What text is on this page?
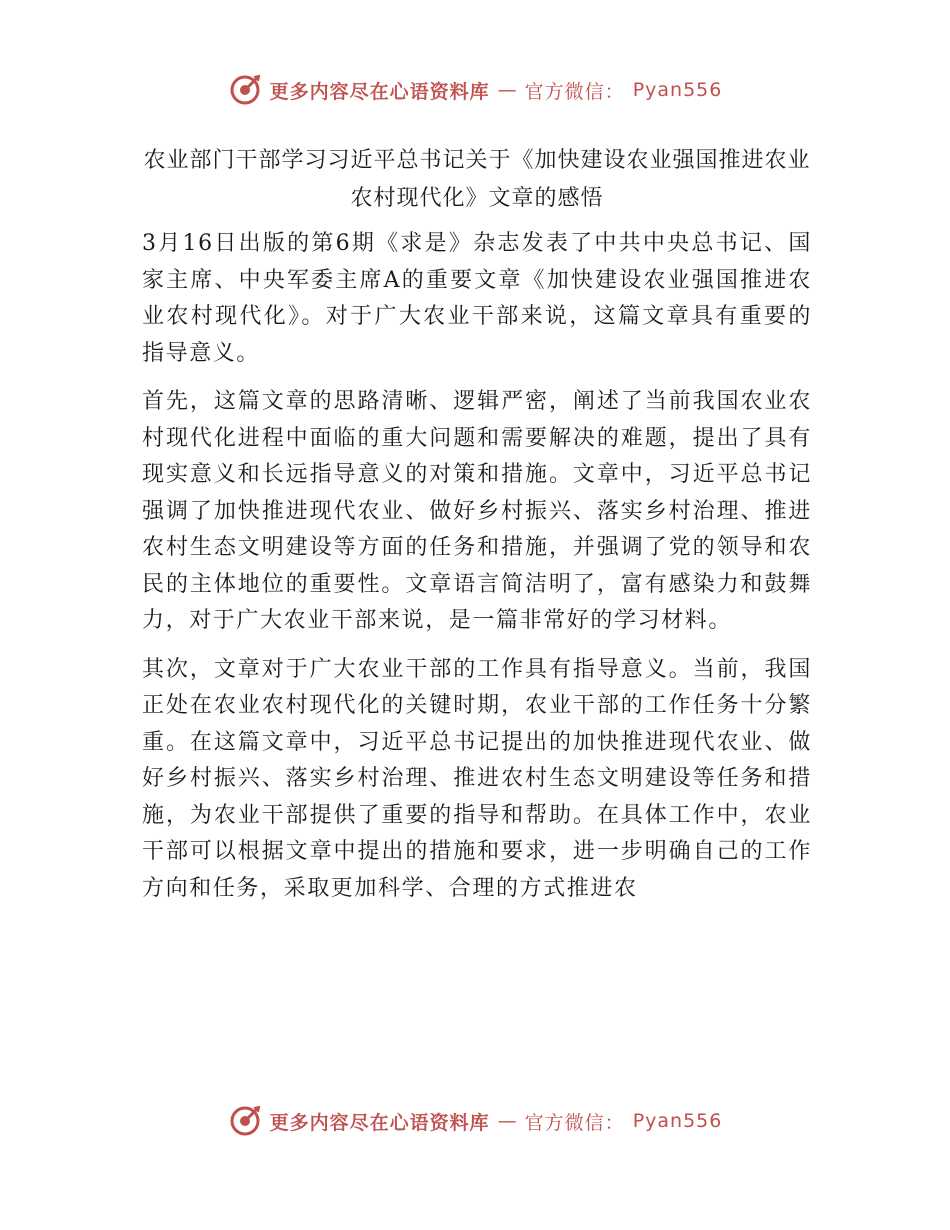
更多内容尽在心语资料库 — 官方微信： Pyan556
农业部门干部学习习近平总书记关于《加快建设农业强国推进农业农村现代化》文章的感悟

3月16日出版的第6期《求是》杂志发表了中共中央总书记、国家主席、中央军委主席A的重要文章《加快建设农业强国推进农业农村现代化》。对于广大农业干部来说，这篇文章具有重要的指导意义。

首先，这篇文章的思路清晰、逻辑严密，阐述了当前我国农业农村现代化进程中面临的重大问题和需要解决的难题，提出了具有现实意义和长远指导意义的对策和措施。文章中，习近平总书记强调了加快推进现代农业、做好乡村振兴、落实乡村治理、推进农村生态文明建设等方面的任务和措施，并强调了党的领导和农民的主体地位的重要性。文章语言简洁明了，富有感染力和鼓舞力，对于广大农业干部来说，是一篇非常好的学习材料。

其次，文章对于广大农业干部的工作具有指导意义。当前，我国正处在农业农村现代化的关键时期，农业干部的工作任务十分繁重。在这篇文章中，习近平总书记提出的加快推进现代农业、做好乡村振兴、落实乡村治理、推进农村生态文明建设等任务和措施，为农业干部提供了重要的指导和帮助。在具体工作中，农业干部可以根据文章中提出的措施和要求，进一步明确自己的工作方向和任务，采取更加科学、合理的方式推进农

更多内容尽在心语资料库 — 官方微信： Pyan556
